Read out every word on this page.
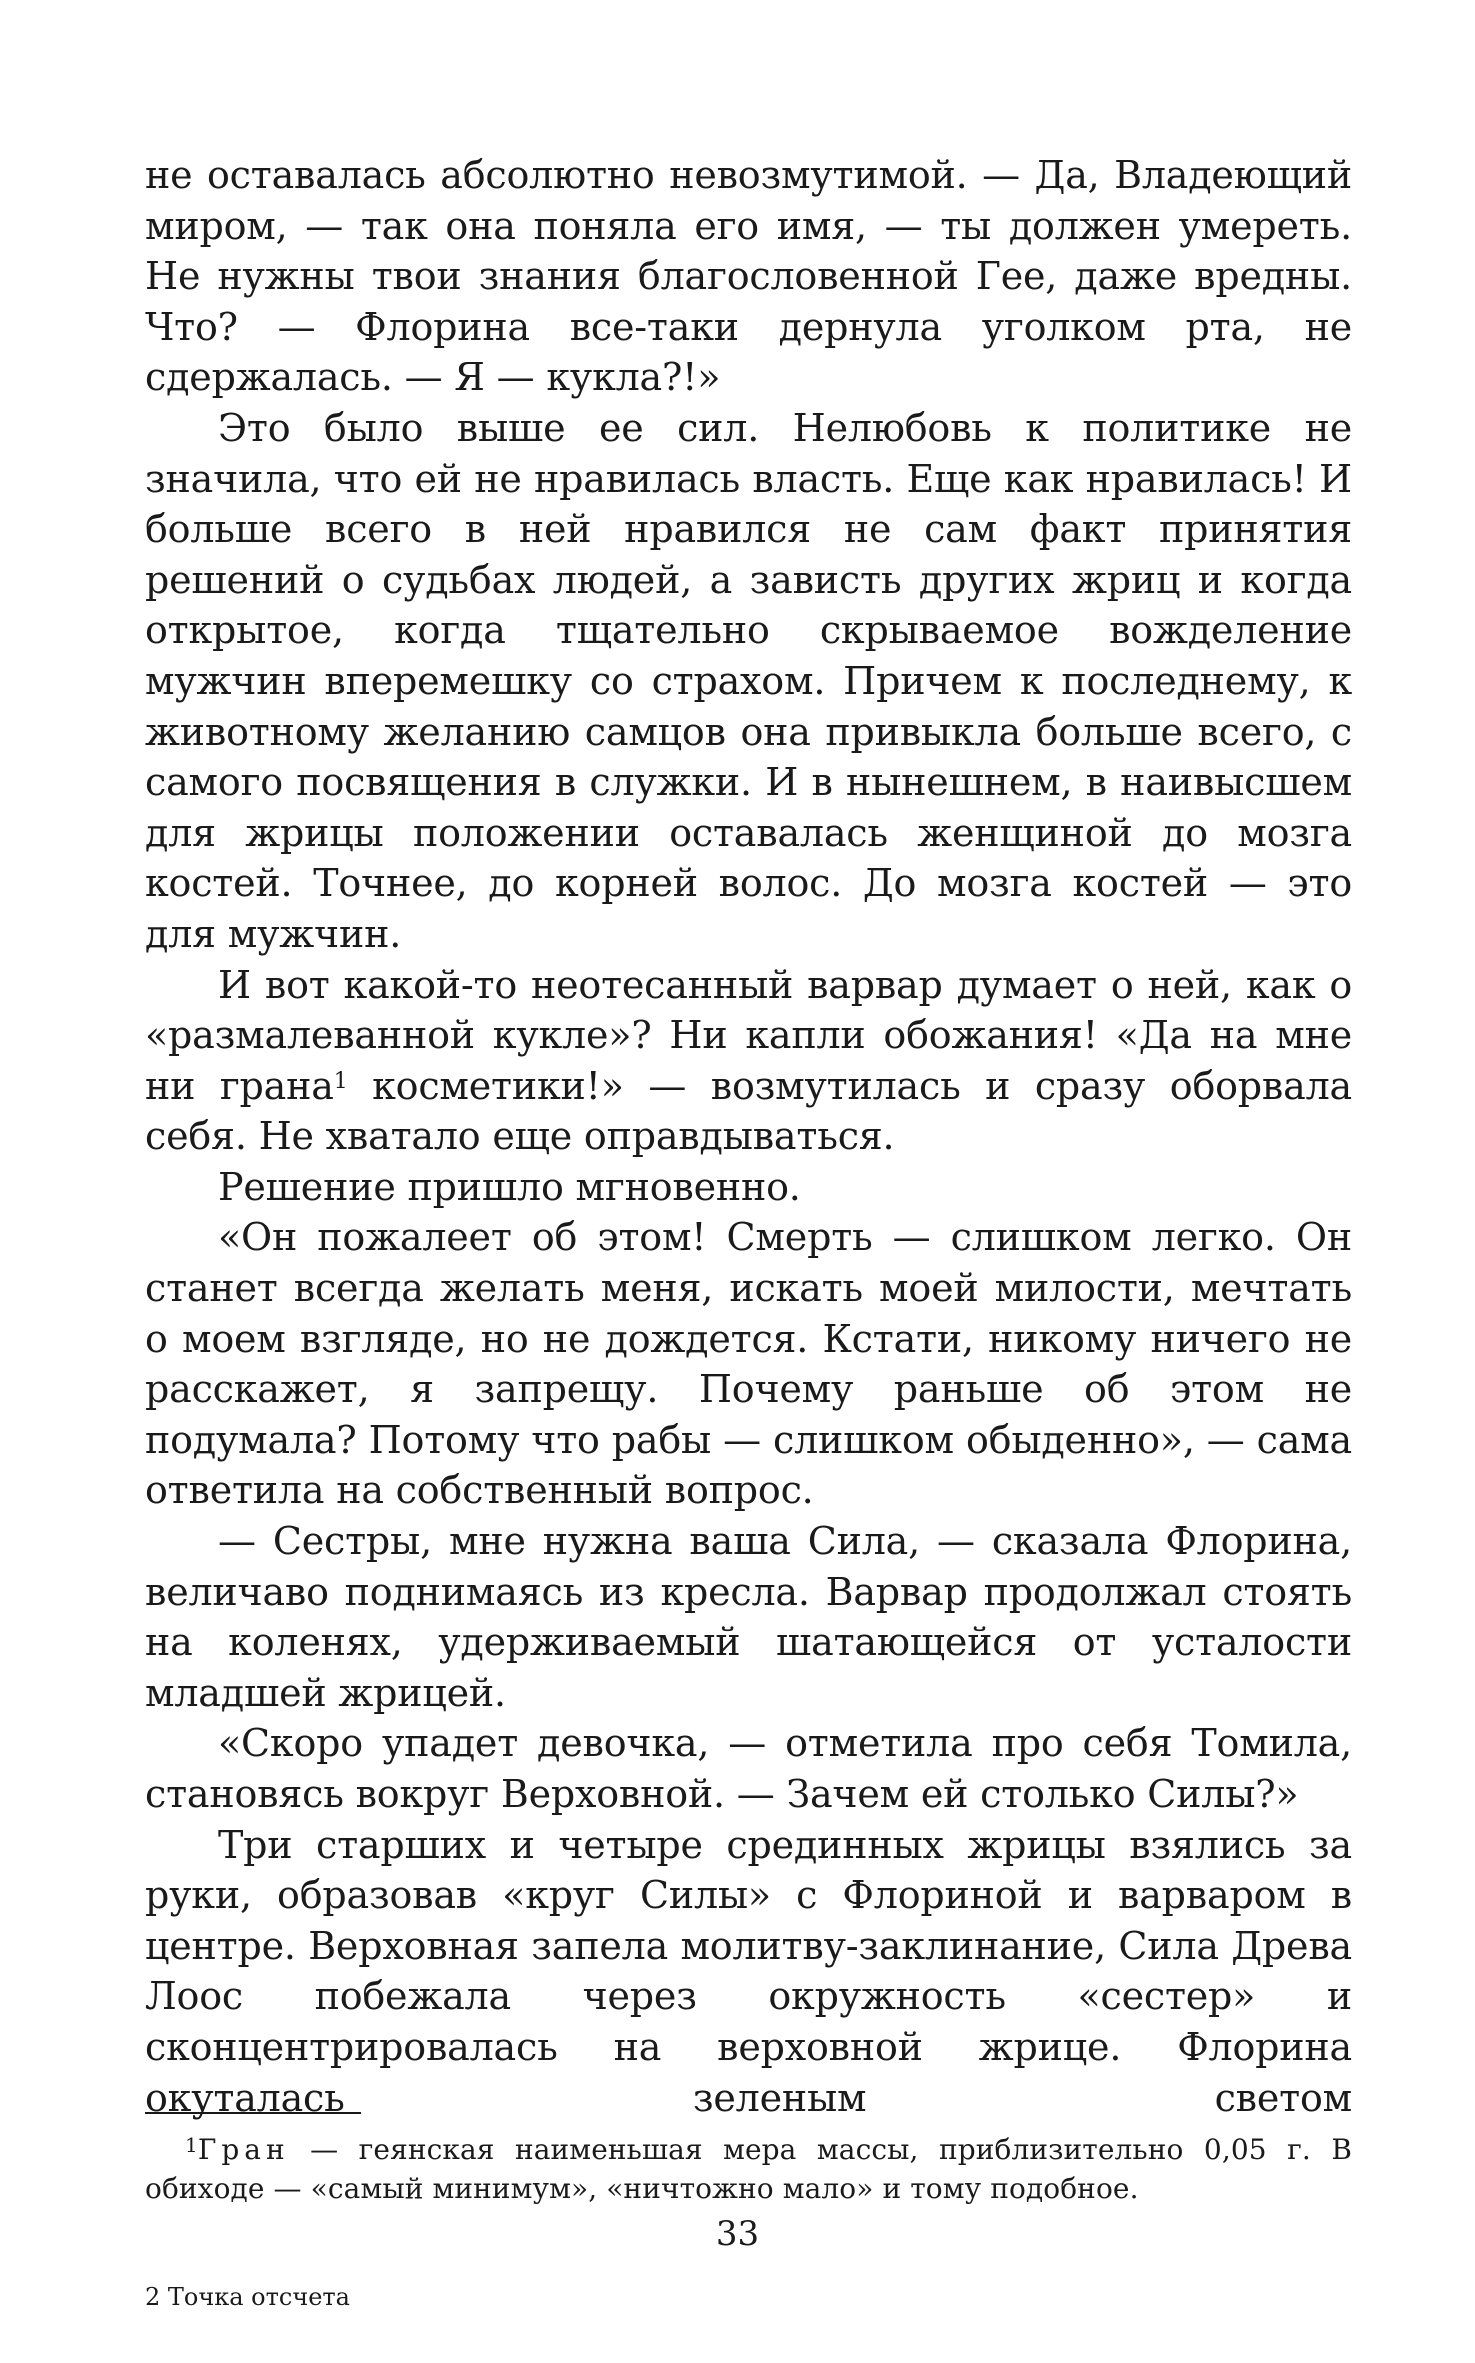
не оставалась абсолютно невозмутимой. — Да, Владеющий миром, — так она поняла его имя, — ты должен умереть. Не нужны твои знания благословенной Гее, даже вредны. Что? — Флорина все-таки дернула уголком рта, не сдержалась. — Я — кукла?!»

Это было выше ее сил. Нелюбовь к политике не значила, что ей не нравилась власть. Еще как нравилась! И больше всего в ней нравился не сам факт принятия решений о судьбах людей, а зависть других жриц и когда открытое, когда тщательно скрываемое вожделение мужчин вперемешку со страхом. Причем к последнему, к животному желанию самцов она привыкла больше всего, с самого посвящения в служки. И в нынешнем, в наивысшем для жрицы положении оставалась женщиной до мозга костей. Точнее, до корней волос. До мозга костей — это для мужчин.

И вот какой-то неотесанный варвар думает о ней, как о «размалеванной кукле»? Ни капли обожания! «Да на мне ни грана$^1$ косметики!» — возмутилась и сразу оборвала себя. Не хватало еще оправдываться.

Решение пришло мгновенно.

«Он пожалеет об этом! Смерть — слишком легко. Он станет всегда желать меня, искать моей милости, мечтать о моем взгляде, но не дождется. Кстати, никому ничего не расскажет, я запрещу. Почему раньше об этом не подумала? Потому что рабы — слишком обыденно», — сама ответила на собственный вопрос.

— Сестры, мне нужна ваша Сила, — сказала Флорина, величаво поднимаясь из кресла. Варвар продолжал стоять на коленях, удерживаемый шатающейся от усталости младшей жрицей.

«Скоро упадет девочка, — отметила про себя Томила, становясь вокруг Верховной. — Зачем ей столько Силы?»

Три старших и четыре срединных жрицы взялись за руки, образовав «круг Силы» с Флориной и варваром в центре. Верховная запела молитву-заклинание, Сила Древа Лоос побежала через окружность «сестер» и сконцентрировалась на верховной жрице. Флорина окуталась зеленым светом

$^1$Гран — геянская наименьшая мера массы, приблизительно 0,05 г. В обиходе — «самый минимум», «ничтожно мало» и тому подобное.
33
2 Точка отсчета
